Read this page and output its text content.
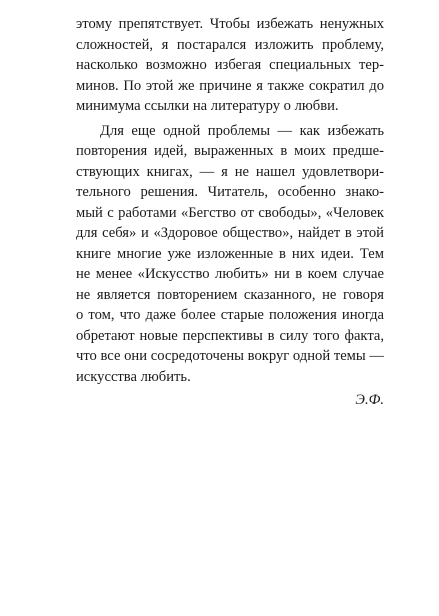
этому препятствует. Чтобы избежать ненужных
сложностей, я постарался изложить проблему,
насколько возможно избегая специальных тер-
минов. По этой же причине я также сократил до
минимума ссылки на литературу о любви.
Для еще одной проблемы — как избежать
повторения идей, выраженных в моих предше-
ствующих книгах, — я не нашел удовлетвори-
тельного решения. Читатель, особенно знако-
мый с работами «Бегство от свободы», «Человек
для себя» и «Здоровое общество», найдет в этой
книге многие уже изложенные в них идеи. Тем
не менее «Искусство любить» ни в коем случае
не является повторением сказанного, не говоря
о том, что даже более старые положения иногда
обретают новые перспективы в силу того факта,
что все они сосредоточены вокруг одной темы —
искусства любить.
Э.Ф.
